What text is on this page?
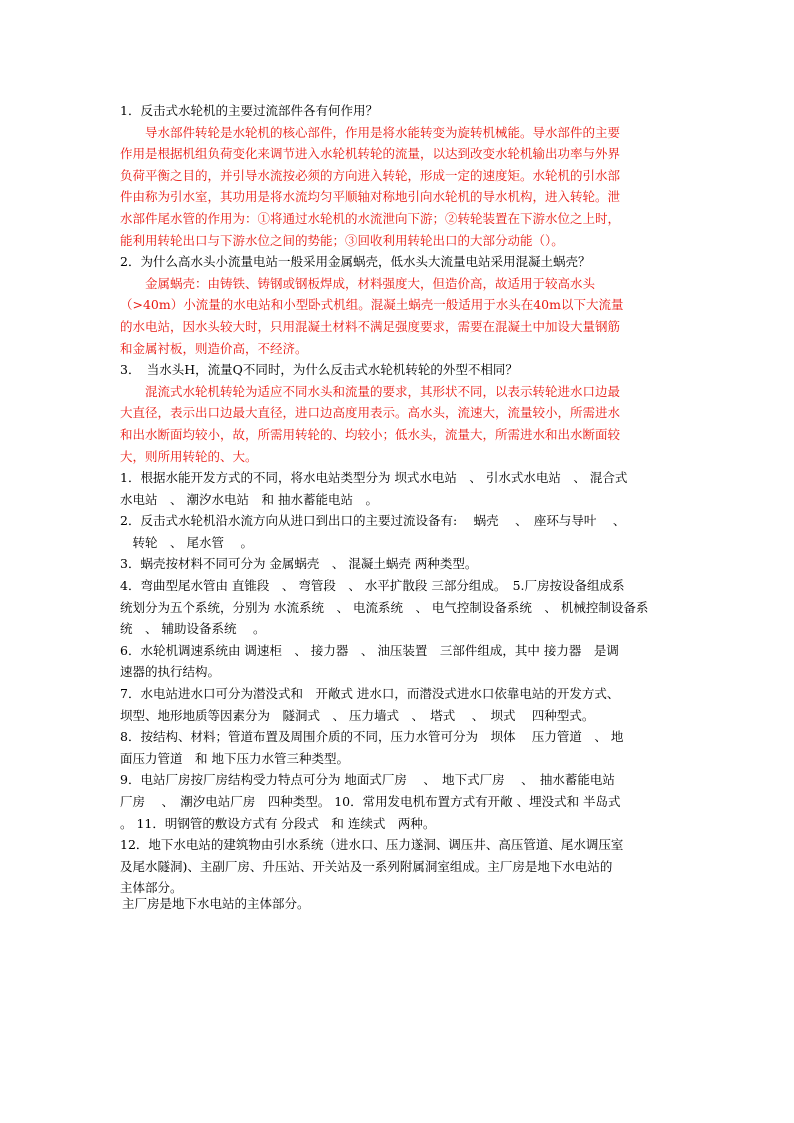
1．反击式水轮机的主要过流部件各有何作用？
　　导水部件转轮是水轮机的核心部件，作用是将水能转变为旋转机械能。导水部件的主要
作用是根据机组负荷变化来调节进入水轮机转轮的流量，以达到改变水轮机输出功率与外界
负荷平衡之目的，并引导水流按必须的方向进入转轮，形成一定的速度矩。水轮机的引水部
件由称为引水室，其功用是将水流均匀平顺轴对称地引向水轮机的导水机构，进入转轮。泄
水部件尾水管的作用为：①将通过水轮机的水流泄向下游；②转轮装置在下游水位之上时，
能利用转轮出口与下游水位之间的势能；③回收利用转轮出口的大部分动能（）。
2．为什么高水头小流量电站一般采用金属蜗壳，低水头大流量电站采用混凝土蜗壳？
　　金属蜗壳：由铸铁、铸钢或钢板焊成，材料强度大，但造价高，故适用于较高水头
（>40m）小流量的水电站和小型卧式机组。混凝土蜗壳一般适用于水头在40m以下大流量
的水电站，因水头较大时，只用混凝土材料不满足强度要求，需要在混凝土中加设大量钢筋
和金属衬板，则造价高，不经济。
3．　当水头H，流量Q不同时，为什么反击式水轮机转轮的外型不相同？
　　混流式水轮机转轮为适应不同水头和流量的要求，其形状不同，以表示转轮进水口边最
大直径，表示出口边最大直径，进口边高度用表示。高水头，流速大，流量较小，所需进水
和出水断面均较小，故，所需用转轮的、均较小；低水头，流量大，所需进水和出水断面较
大，则所用转轮的、大。
1．根据水能开发方式的不同，将水电站类型分为 坝式水电站　、 引水式水电站　、 混合式
水电站　、 潮汐水电站　和 抽水蓄能电站　。
2．反击式水轮机沿水流方向从进口到出口的主要过流设备有:　 蜗壳　 、　座环与导叶　 、
　转轮　、 尾水管　 。
3．蜗壳按材料不同可分为 金属蜗壳　、 混凝土蜗壳 两种类型。
4．弯曲型尾水管由 直锥段　、 弯管段　、 水平扩散段 三部分组成。　5.厂房按设备组成系
统划分为五个系统，分别为 水流系统　、 电流系统　、 电气控制设备系统　、 机械控制设备系
统　、 辅助设备系统　 。
6．水轮机调速系统由 调速柜　、 接力器　、 油压装置　三部件组成，其中 接力器　是调
速器的执行结构。
7．水电站进水口可分为潜没式和　开敞式 进水口，而潜没式进水口依靠电站的开发方式、
坝型、地形地质等因素分为　隧洞式　、 压力墙式　、　塔式　 、　坝式　 四种型式。
8．按结构、材料；管道布置及周围介质的不同，压力水管可分为　坝体　 压力管道　、 地
面压力管道　和 地下压力水管三种类型。
9．电站厂房按厂房结构受力特点可分为 地面式厂房　 、　地下式厂房　 、　抽水蓄能电站
厂房　 、　潮汐电站厂房　四种类型。 10．常用发电机布置方式有开敞 、埋没式和 半岛式
。 11．明钢管的敷设方式有 分段式　和 连续式　两种。
12．地下水电站的建筑物由引水系统（进水口、压力遂洞、调压井、高压管道、尾水调压室
及尾水隧洞)、主副厂房、升压站、开关站及一系列附属洞室组成。主厂房是地下水电站的
主体部分。
主厂房是地下水电站的主体部分。
